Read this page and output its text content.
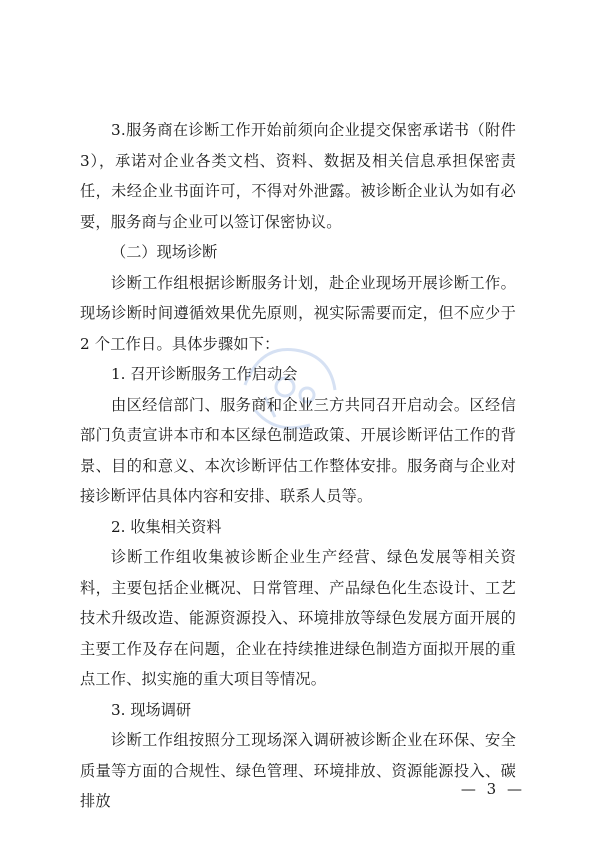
3.服务商在诊断工作开始前须向企业提交保密承诺书（附件3），承诺对企业各类文档、资料、数据及相关信息承担保密责任，未经企业书面许可，不得对外泄露。被诊断企业认为如有必要，服务商与企业可以签订保密协议。

（二）现场诊断

诊断工作组根据诊断服务计划，赴企业现场开展诊断工作。现场诊断时间遵循效果优先原则，视实际需要而定，但不应少于 2 个工作日。具体步骤如下：

1. 召开诊断服务工作启动会

由区经信部门、服务商和企业三方共同召开启动会。区经信部门负责宣讲本市和本区绿色制造政策、开展诊断评估工作的背景、目的和意义、本次诊断评估工作整体安排。服务商与企业对接诊断评估具体内容和安排、联系人员等。

2. 收集相关资料

诊断工作组收集被诊断企业生产经营、绿色发展等相关资料，主要包括企业概况、日常管理、产品绿色化生态设计、工艺技术升级改造、能源资源投入、环境排放等绿色发展方面开展的主要工作及存在问题，企业在持续推进绿色制造方面拟开展的重点工作、拟实施的重大项目等情况。

3. 现场调研

诊断工作组按照分工现场深入调研被诊断企业在环保、安全质量等方面的合规性、绿色管理、环境排放、资源能源投入、碳排放

— 3 —
